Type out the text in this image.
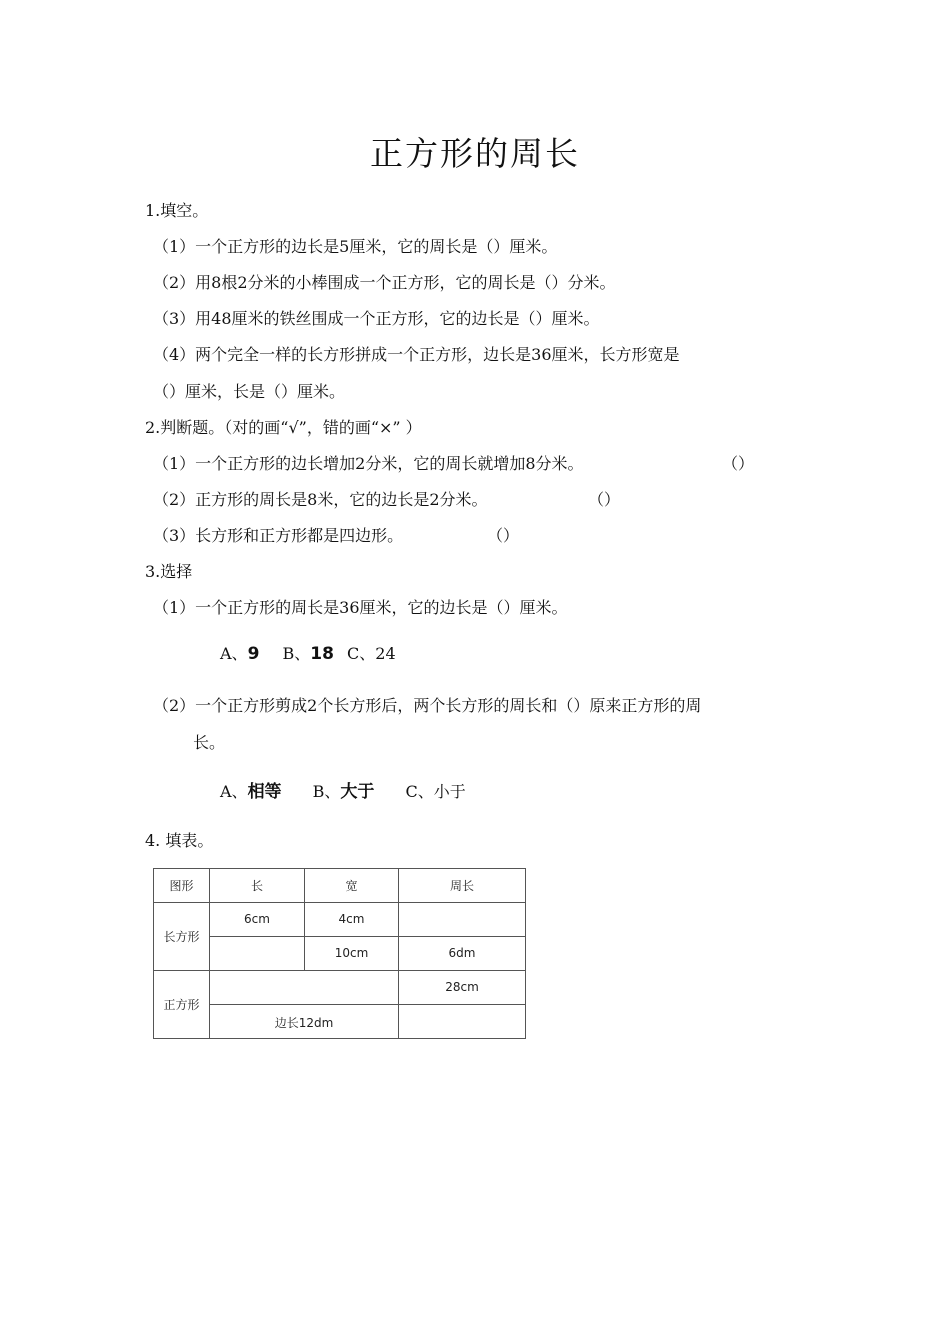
正方形的周长
1.填空。
（1）一个正方形的边长是5厘米，它的周长是（）厘米。
（2）用8根2分米的小棒围成一个正方形，它的周长是（）分米。
（3）用48厘米的铁丝围成一个正方形，它的边长是（）厘米。
（4）两个完全一样的长方形拼成一个正方形，边长是36厘米，长方形宽是
（）厘米，长是（）厘米。
2.判断题。（对的画“√”，错的画“×” ）
（1）一个正方形的边长增加2分米，它的周长就增加8分米。	（）
（2）正方形的周长是8米，它的边长是2分米。	（）
（3）长方形和正方形都是四边形。	（）
3.选择
（1）一个正方形的周长是36厘米，它的边长是（）厘米。
A、9 B、18 C、24
（2）一个正方形剪成2个长方形后，两个长方形的周长和（）原来正方形的周
长。
A、相等 B、大于 C、小于
4. 填表。
图形	长	宽	周长
长方形	6cm	4cm	
		10cm	6dm
正方形			28cm
	边长12dm		
